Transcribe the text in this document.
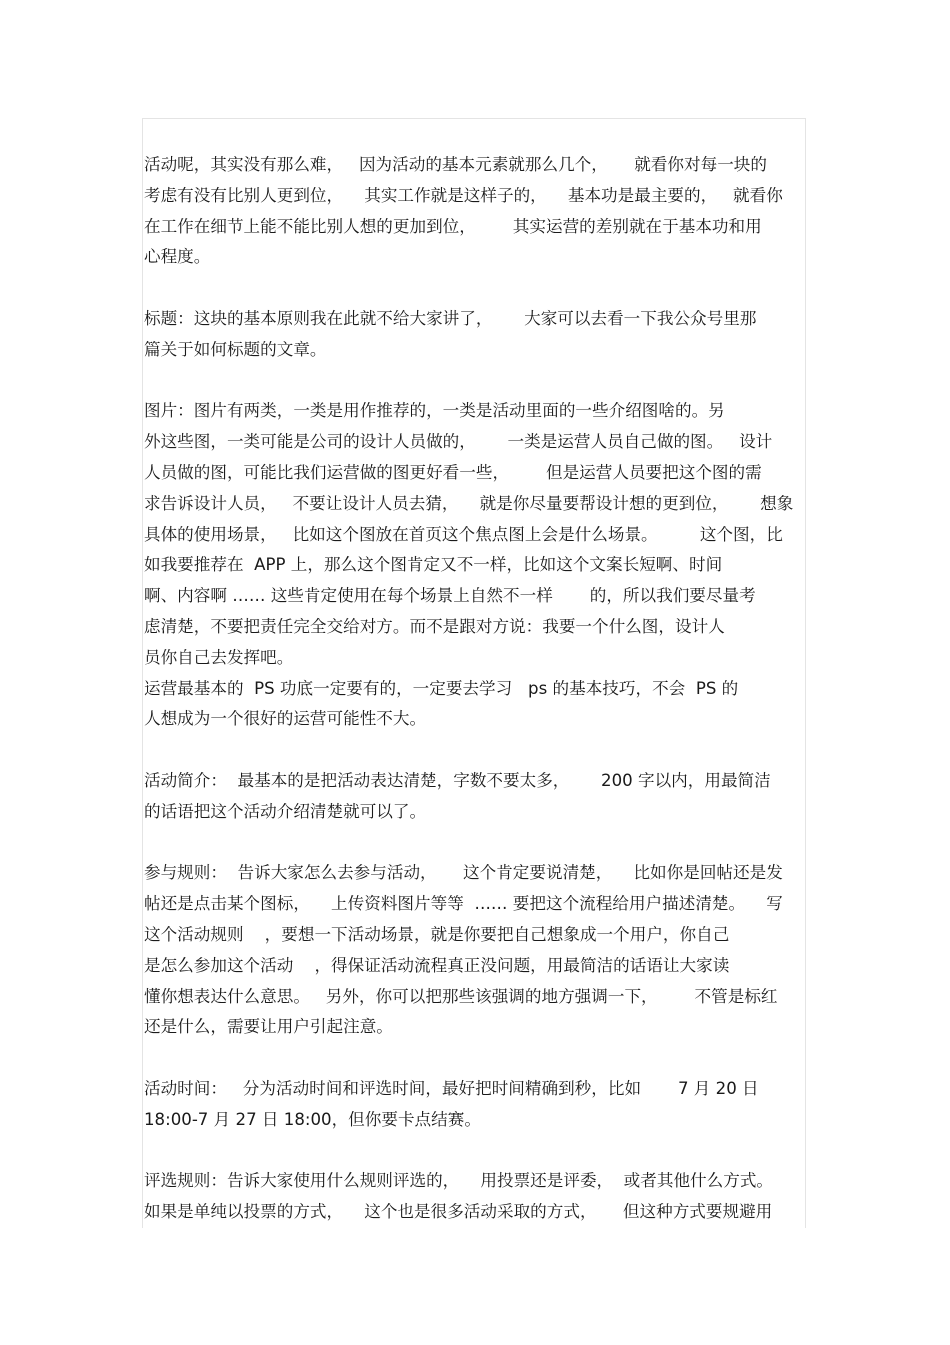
活动呢，其实没有那么难，   因为活动的基本元素就那么几个，     就看你对每一块的
考虑有没有比别人更到位，    其实工作就是这样子的，    基本功是最主要的，   就看你
在工作在细节上能不能比别人想的更加到位，       其实运营的差别就在于基本功和用
心程度。
标题：这块的基本原则我在此就不给大家讲了，      大家可以去看一下我公众号里那
篇关于如何标题的文章。
图片：图片有两类，一类是用作推荐的，一类是活动里面的一些介绍图啥的。另
外这些图，一类可能是公司的设计人员做的，      一类是运营人员自己做的图。   设计
人员做的图，可能比我们运营做的图更好看一些，       但是运营人员要把这个图的需
求告诉设计人员，   不要让设计人员去猜，    就是你尽量要帮设计想的更到位，      想象
具体的使用场景，   比如这个图放在首页这个焦点图上会是什么场景。        这个图，比
如我要推荐在  APP 上，那么这个图肯定又不一样，比如这个文案长短啊、时间
啊、内容啊 …… 这些肯定使用在每个场景上自然不一样       的，所以我们要尽量考
虑清楚，不要把责任完全交给对方。而不是跟对方说：我要一个什么图，设计人
员你自己去发挥吧。
运营最基本的  PS 功底一定要有的，一定要去学习   ps 的基本技巧，不会  PS 的
人想成为一个很好的运营可能性不大。
活动简介：  最基本的是把活动表达清楚，字数不要太多，      200 字以内，用最简洁
的话语把这个活动介绍清楚就可以了。
参与规则：  告诉大家怎么去参与活动，     这个肯定要说清楚，    比如你是回帖还是发
帖还是点击某个图标，    上传资料图片等等  …… 要把这个流程给用户描述清楚。    写
这个活动规则    ，要想一下活动场景，就是你要把自己想象成一个用户，你自己
是怎么参加这个活动    ，得保证活动流程真正没问题，用最简洁的话语让大家读
懂你想表达什么意思。   另外，你可以把那些该强调的地方强调一下，       不管是标红
还是什么，需要让用户引起注意。
活动时间：   分为活动时间和评选时间，最好把时间精确到秒，比如       7 月 20 日
18:00-7 月 27 日 18:00，但你要卡点结赛。
评选规则：告诉大家使用什么规则评选的，    用投票还是评委，  或者其他什么方式。
如果是单纯以投票的方式，    这个也是很多活动采取的方式，     但这种方式要规避用
